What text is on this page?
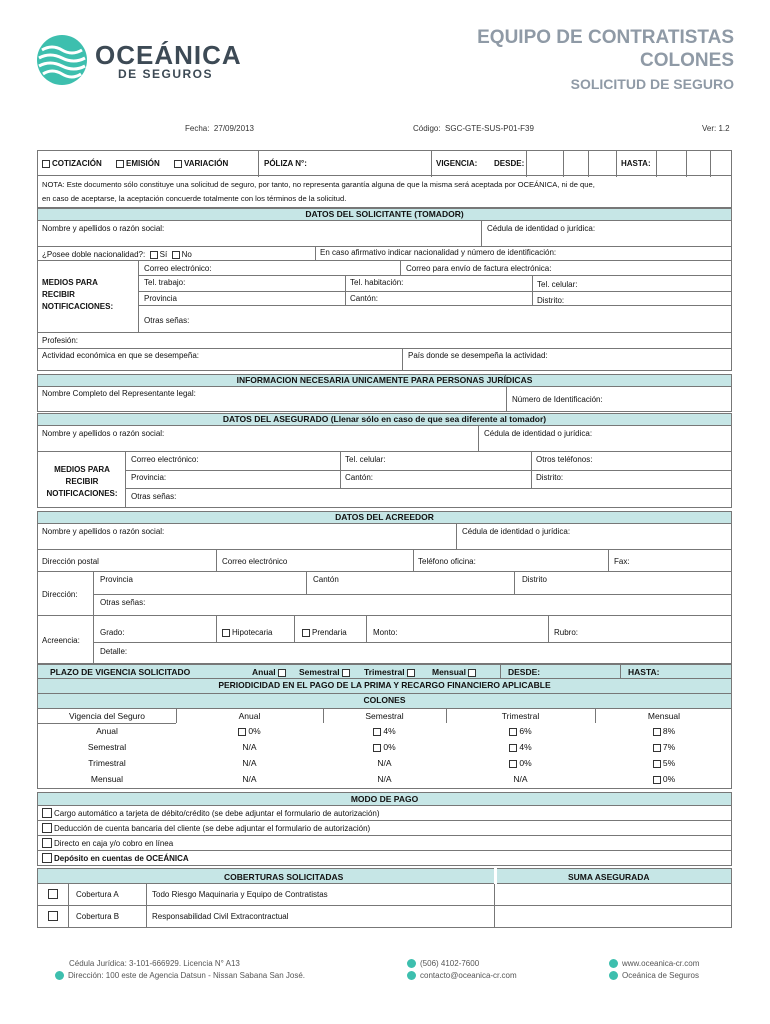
OCEÁNICA
DE SEGUROS
EQUIPO DE CONTRATISTAS
COLONES
SOLICITUD DE SEGURO
Fecha: 27/09/2013	Código: SGC-GTE-SUS-P01-F39	Ver: 1.2
COTIZACIÓN	EMISIÓN	VARIACIÓN	PÓLIZA N°:	VIGENCIA: DESDE:	HASTA:
NOTA: Este documento sólo constituye una solicitud de seguro, por tanto, no representa garantía alguna de que la misma será aceptada por OCEÁNICA, ni de que,
en caso de aceptarse, la aceptación concuerde totalmente con los términos de la solicitud.
DATOS DEL SOLICITANTE (TOMADOR)
Nombre y apellidos o razón social:	Cédula de identidad o jurídica:
¿Posee doble nacionalidad?: Sí No	En caso afirmativo indicar nacionalidad y número de identificación:
MEDIOS PARA RECIBIR NOTIFICACIONES:
Correo electrónico:	Correo para envío de factura electrónica:
Tel. trabajo:	Tel. habitación:	Tel. celular:
Provincia	Cantón:	Distrito:
Otras señas:
Profesión:
Actividad económica en que se desempeña:	País donde se desempeña la actividad:
INFORMACION NECESARIA UNICAMENTE PARA PERSONAS JURÍDICAS
Nombre Completo del Representante legal:
Número de Identificación:
DATOS DEL ASEGURADO (Llenar sólo en caso de que sea diferente al tomador)
Nombre y apellidos o razón social:	Cédula de identidad o jurídica:
MEDIOS PARA RECIBIR NOTIFICACIONES:
Correo electrónico:	Tel. celular:	Otros teléfonos:
Provincia:	Cantón:	Distrito:
Otras señas:
DATOS DEL ACREEDOR
Nombre y apellidos o razón social:	Cédula de identidad o jurídica:
Dirección postal	Correo electrónico	Teléfono oficina:	Fax:
Dirección:
Provincia	Cantón	Distrito
Otras señas:
Acreencia:
Grado:	Hipotecaria	Prendaria	Monto:	Rubro:
Detalle:
PLAZO DE VIGENCIA SOLICITADO	Anual	Semestral	Trimestral	Mensual	DESDE:	HASTA:
PERIODICIDAD EN EL PAGO DE LA PRIMA Y RECARGO FINANCIERO APLICABLE
COLONES
Vigencia del Seguro	Anual	Semestral	Trimestral	Mensual
Anual	0%	4%	6%	8%
Semestral	N/A	0%	4%	7%
Trimestral	N/A	N/A	0%	5%
Mensual	N/A	N/A	N/A	0%
MODO DE PAGO
Cargo automático a tarjeta de débito/crédito (se debe adjuntar el formulario de autorización)
Deducción de cuenta bancaria del cliente (se debe adjuntar el formulario de autorización)
Directo en caja y/o cobro en línea
Depósito en cuentas de OCEÁNICA
COBERTURAS SOLICITADAS	SUMA ASEGURADA
Cobertura A	Todo Riesgo Maquinaria y Equipo de Contratistas
Cobertura B	Responsabilidad Civil Extracontractual
Cédula Jurídica: 3-101-666929. Licencia N° A13
Dirección: 100 este de Agencia Datsun - Nissan Sabana San José.
(506) 4102-7600
contacto@oceanica-cr.com
www.oceanica-cr.com
Oceánica de Seguros
